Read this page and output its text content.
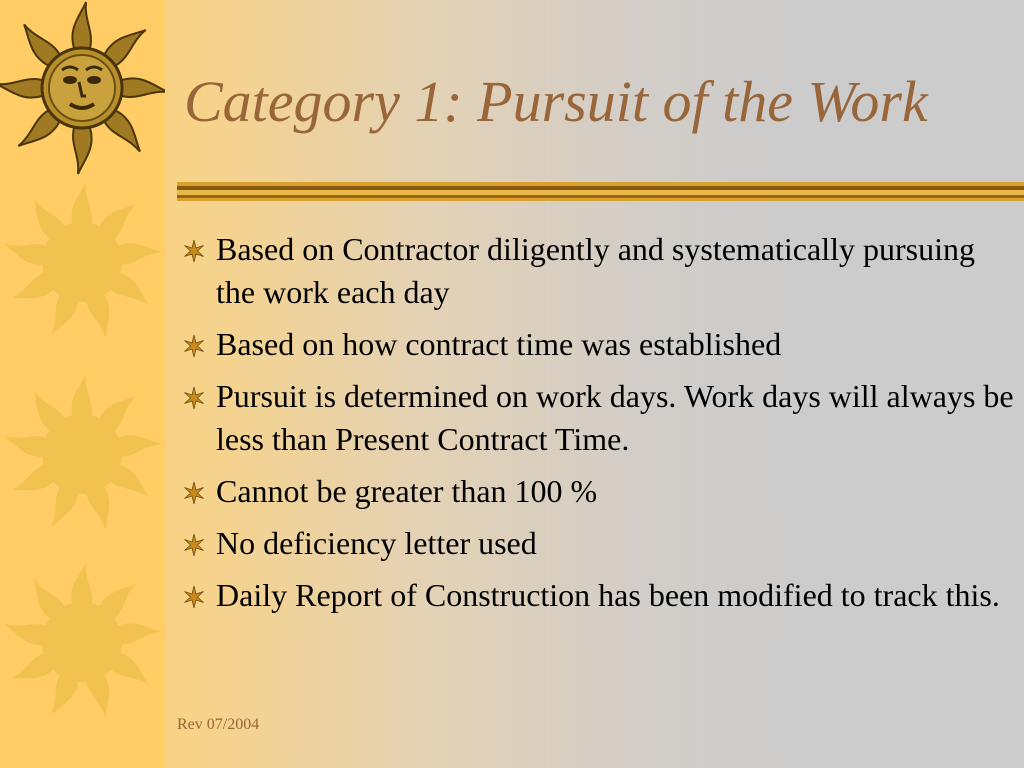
Category 1: Pursuit of the Work
Based on Contractor diligently and systematically pursuing the work each day
Based on how contract time was established
Pursuit is determined on work days. Work days will always be less than Present Contract Time.
Cannot be greater than 100 %
No deficiency letter used
Daily Report of Construction has been modified to track this.
Rev 07/2004
